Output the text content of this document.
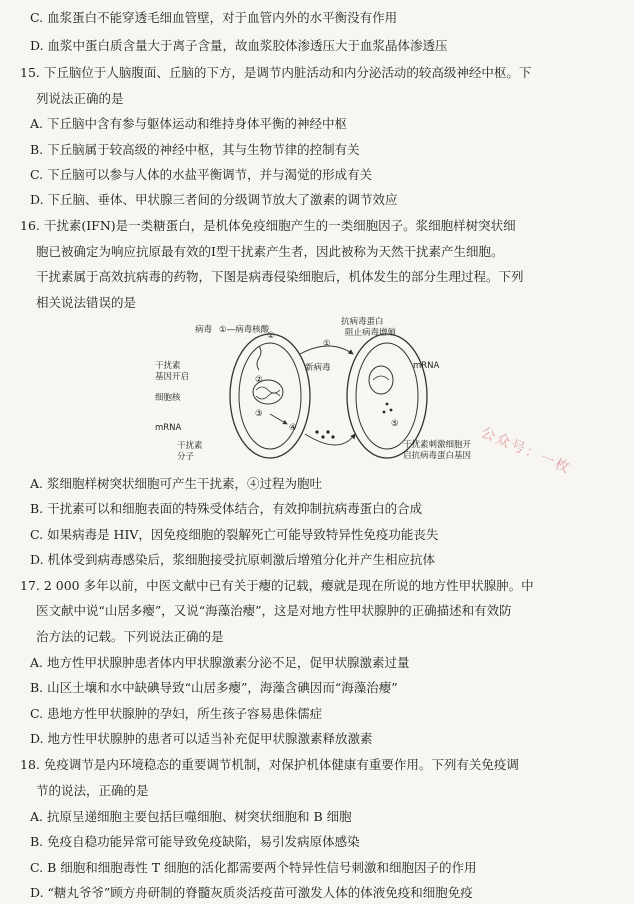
C. 血浆蛋白不能穿透毛细血管壁，对于血管内外的水平衡没有作用
D. 血浆中蛋白质含量大于离子含量，故血浆胶体渗透压大于血浆晶体渗透压
15. 下丘脑位于人脑腹面、丘脑的下方，是调节内脏活动和内分泌活动的较高级神经中枢。下
列说法正确的是
A. 下丘脑中含有参与躯体运动和维持身体平衡的神经中枢
B. 下丘脑属于较高级的神经中枢，其与生物节律的控制有关
C. 下丘脑可以参与人体的水盐平衡调节，并与渴觉的形成有关
D. 下丘脑、垂体、甲状腺三者间的分级调节放大了激素的调节效应
16. 干扰素(IFN)是一类糖蛋白，是机体免疫细胞产生的一类细胞因子。浆细胞样树突状细
胞已被确定为响应抗原最有效的Ⅰ型干扰素产生者，因此被称为天然干扰素产生细胞。
干扰素属于高效抗病毒的药物，下图是病毒侵染细胞后，机体发生的部分生理过程。下列
相关说法错误的是
病毒 ①—病毒核酸
干扰素
基因开启
细胞核
mRNA
干扰素
分子
新病毒
抗病毒蛋白
阻止病毒增殖
mRNA
干扰素刺激细胞开
启抗病毒蛋白基因
①
①
②
③
④	⑤
公众号：一枚
A. 浆细胞样树突状细胞可产生干扰素，④过程为胞吐
B. 干扰素可以和细胞表面的特殊受体结合，有效抑制抗病毒蛋白的合成
C. 如果病毒是 HIV，因免疫细胞的裂解死亡可能导致特异性免疫功能丧失
D. 机体受到病毒感染后，浆细胞接受抗原刺激后增殖分化并产生相应抗体
17. 2 000 多年以前，中医文献中已有关于瘿的记载，瘿就是现在所说的地方性甲状腺肿。中
医文献中说“山居多瘿”，又说“海藻治瘿”，这是对地方性甲状腺肿的正确描述和有效防
治方法的记载。下列说法正确的是
A. 地方性甲状腺肿患者体内甲状腺激素分泌不足，促甲状腺激素过量
B. 山区土壤和水中缺碘导致“山居多瘿”，海藻含碘因而“海藻治瘿”
C. 患地方性甲状腺肿的孕妇，所生孩子容易患侏儒症
D. 地方性甲状腺肿的患者可以适当补充促甲状腺激素释放激素
18. 免疫调节是内环境稳态的重要调节机制，对保护机体健康有重要作用。下列有关免疫调
节的说法，正确的是
A. 抗原呈递细胞主要包括巨噬细胞、树突状细胞和 B 细胞
B. 免疫自稳功能异常可能导致免疫缺陷，易引发病原体感染
C. B 细胞和细胞毒性 T 细胞的活化都需要两个特异性信号刺激和细胞因子的作用
D. “糖丸爷爷”顾方舟研制的脊髓灰质炎活疫苗可激发人体的体液免疫和细胞免疫
